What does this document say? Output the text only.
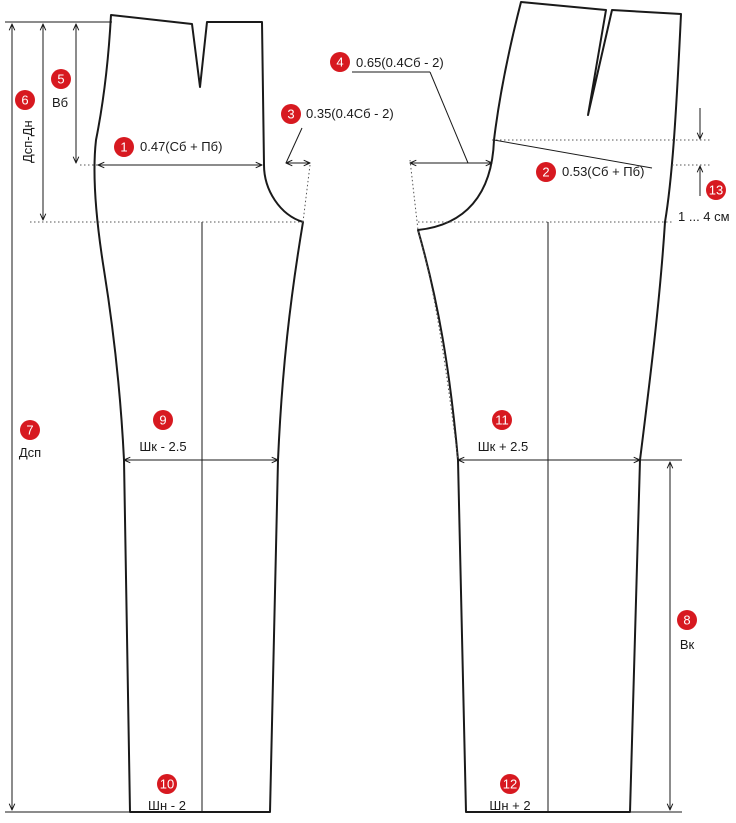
1 0.47(Сб + Пб)
2 0.53(Сб + Пб)
3 0.35(0.4Сб - 2)
4 0.65(0.4Сб - 2)
5
Вб
6
Дсп-Дн
7
Дсп
8
Вк
9
Шк - 2.5
10
Шн - 2
11
Шк + 2.5
12
Шн + 2
13
1 ... 4 см
